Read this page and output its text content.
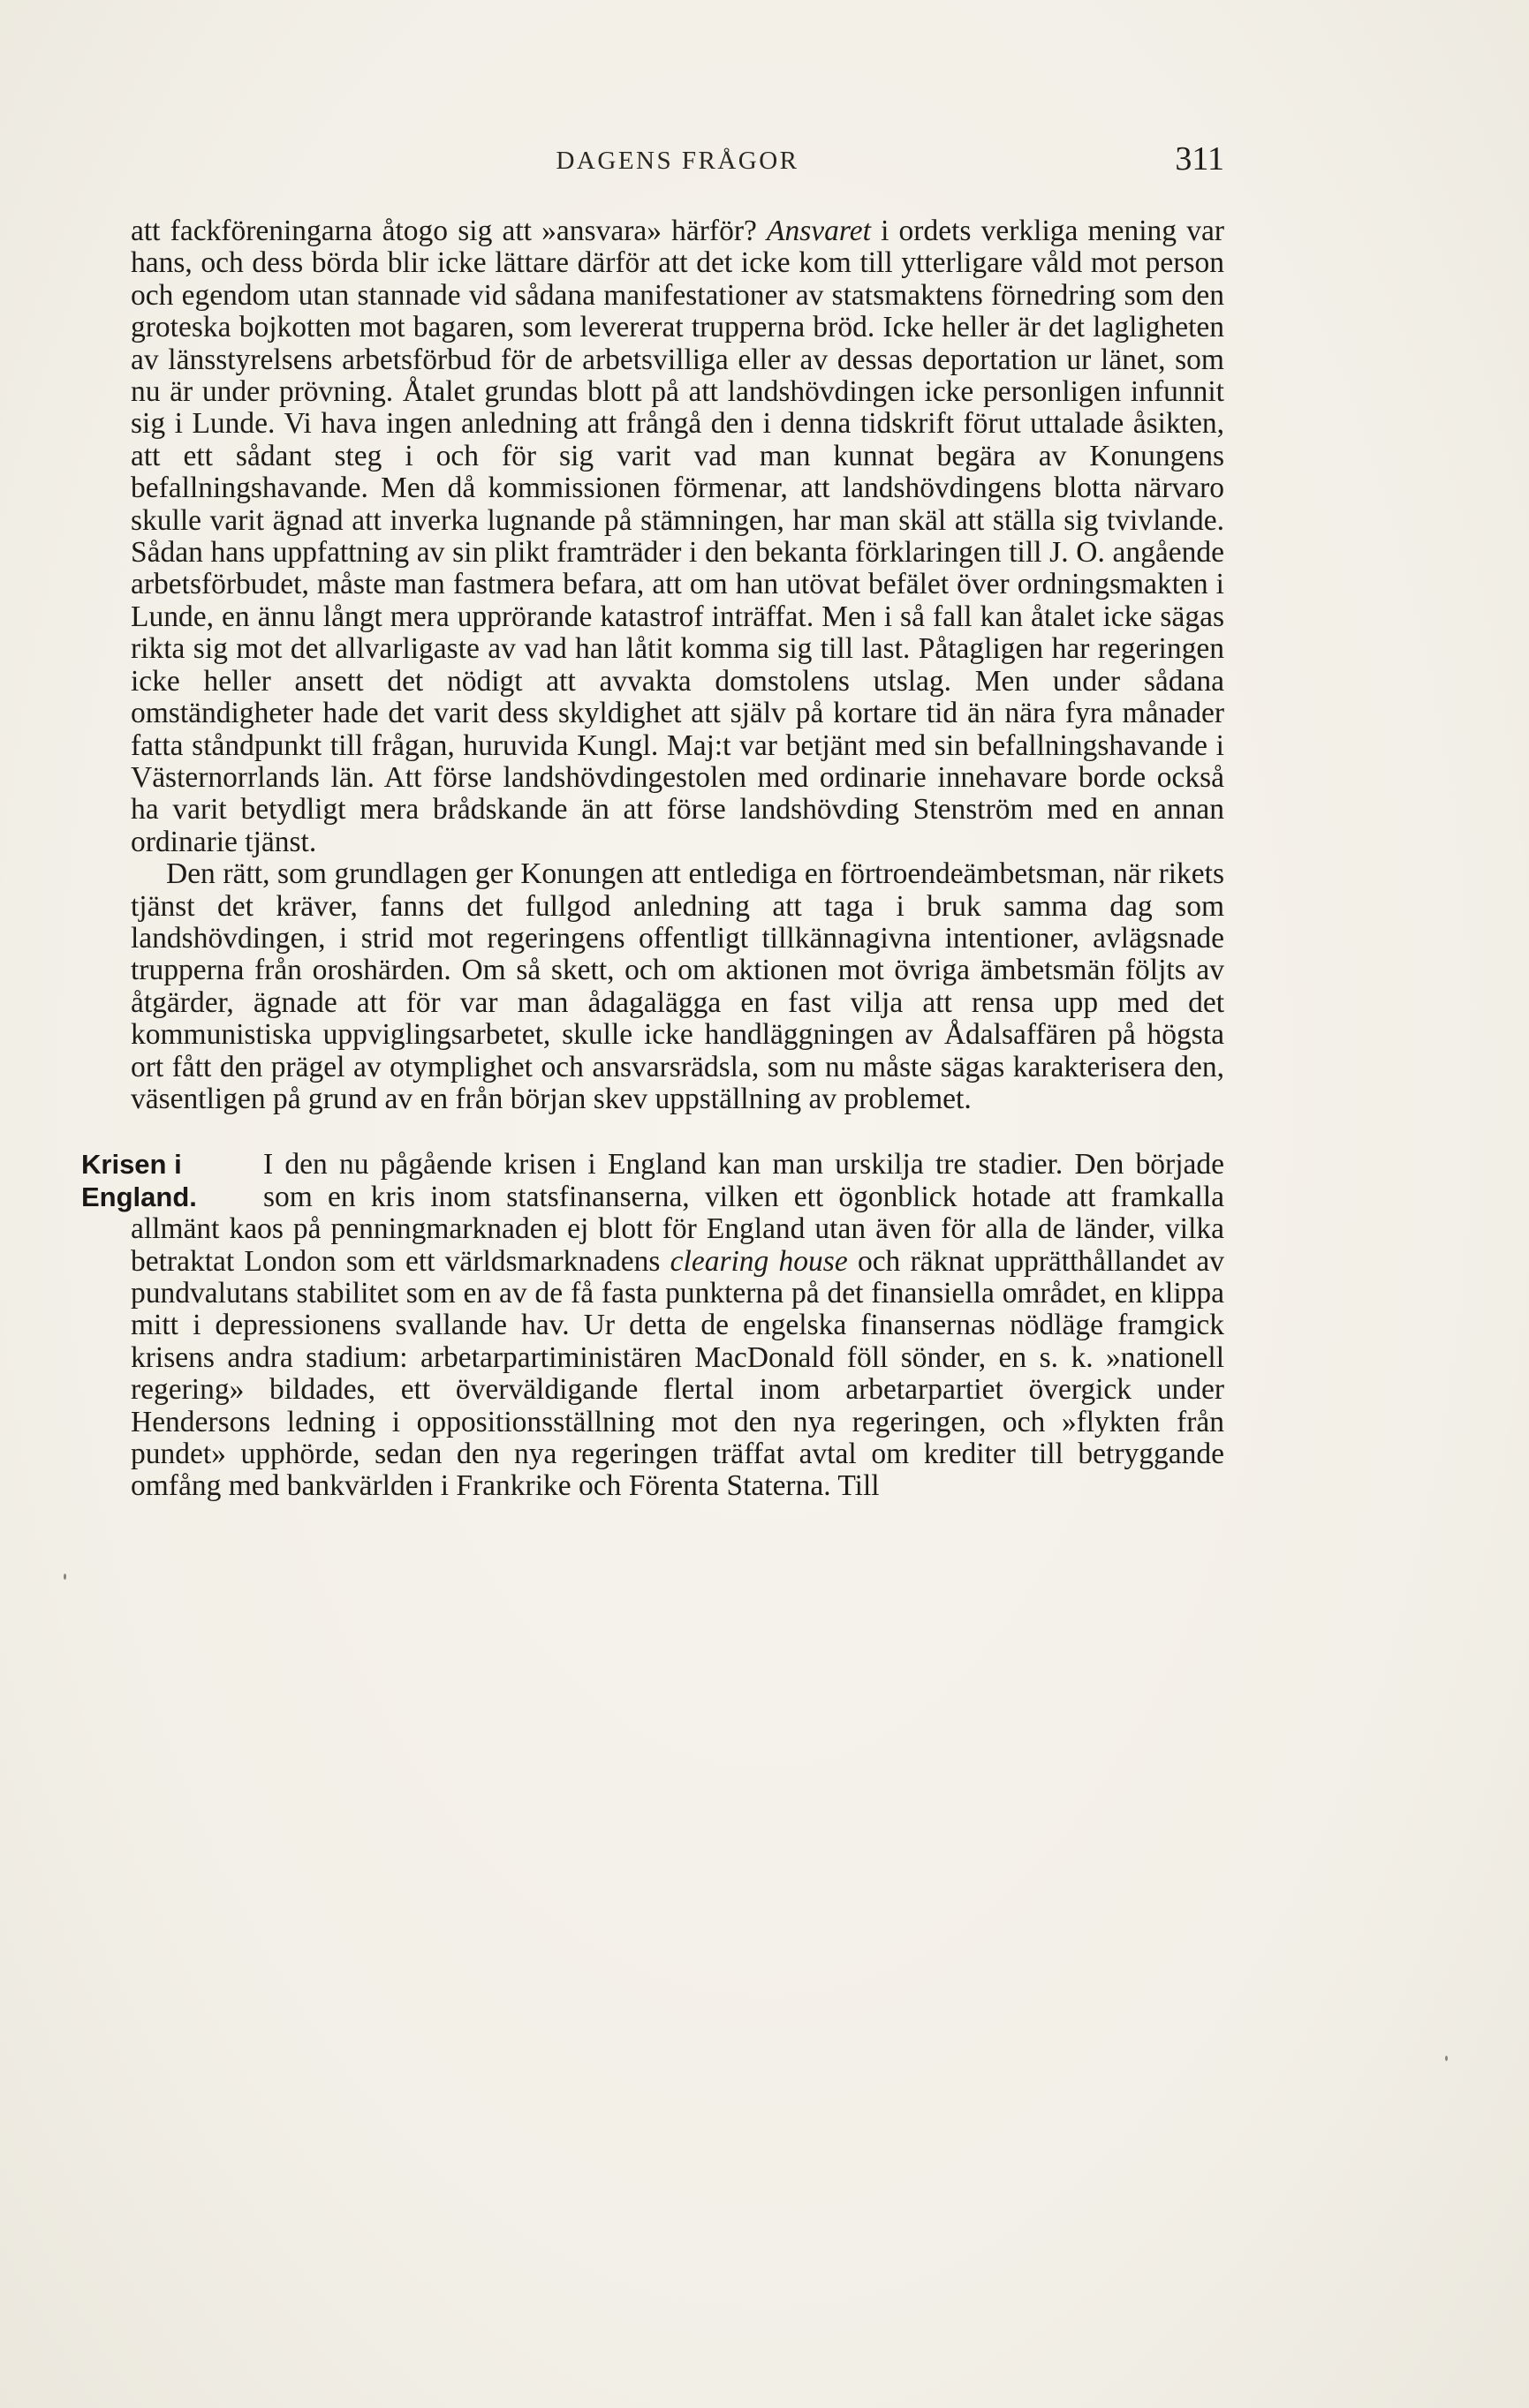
DAGENS FRÅGOR	311

att fackföreningarna åtogo sig att »ansvara» härför? Ansvaret i ordets verkliga mening var hans, och dess börda blir icke lättare därför att det icke kom till ytterligare våld mot person och egendom utan stannade vid sådana manifestationer av statsmaktens förnedring som den groteska bojkotten mot bagaren, som levererat trupperna bröd. Icke heller är det lagligheten av länsstyrelsens arbetsförbud för de arbetsvilliga eller av dessas deportation ur länet, som nu är under prövning. Åtalet grundas blott på att landshövdingen icke personligen infunnit sig i Lunde. Vi hava ingen anledning att frångå den i denna tidskrift förut uttalade åsikten, att ett sådant steg i och för sig varit vad man kunnat begära av Konungens befallningshavande. Men då kommissionen förmenar, att landshövdingens blotta närvaro skulle varit ägnad att inverka lugnande på stämningen, har man skäl att ställa sig tvivlande. Sådan hans uppfattning av sin plikt framträder i den bekanta förklaringen till J. O. angående arbetsförbudet, måste man fastmera befara, att om han utövat befälet över ordningsmakten i Lunde, en ännu långt mera upprörande katastrof inträffat. Men i så fall kan åtalet icke sägas rikta sig mot det allvarligaste av vad han låtit komma sig till last. Påtagligen har regeringen icke heller ansett det nödigt att avvakta domstolens utslag. Men under sådana omständigheter hade det varit dess skyldighet att själv på kortare tid än nära fyra månader fatta ståndpunkt till frågan, huruvida Kungl. Maj:t var betjänt med sin befallningshavande i Västernorrlands län. Att förse landshövdingestolen med ordinarie innehavare borde också ha varit betydligt mera brådskande än att förse landshövding Stenström med en annan ordinarie tjänst.

Den rätt, som grundlagen ger Konungen att entlediga en förtroendeämbetsman, när rikets tjänst det kräver, fanns det fullgod anledning att taga i bruk samma dag som landshövdingen, i strid mot regeringens offentligt tillkännagivna intentioner, avlägsnade trupperna från oroshärden. Om så skett, och om aktionen mot övriga ämbetsmän följts av åtgärder, ägnade att för var man ådagalägga en fast vilja att rensa upp med det kommunistiska uppviglingsarbetet, skulle icke handläggningen av Ådalsaffären på högsta ort fått den prägel av otymplighet och ansvarsrädsla, som nu måste sägas karakterisera den, väsentligen på grund av en från början skev uppställning av problemet.

Krisen i
England.
I den nu pågående krisen i England kan man urskilja tre stadier. Den började som en kris inom statsfinanserna, vilken ett ögonblick hotade att framkalla allmänt kaos på penningmarknaden ej blott för England utan även för alla de länder, vilka betraktat London som ett världsmarknadens clearing house och räknat upprätthållandet av pundvalutans stabilitet som en av de få fasta punkterna på det finansiella området, en klippa mitt i depressionens svallande hav. Ur detta de engelska finansernas nödläge framgick krisens andra stadium: arbetarpartiministären MacDonald föll sönder, en s. k. »nationell regering» bildades, ett överväldigande flertal inom arbetarpartiet övergick under Hendersons ledning i oppositionsställning mot den nya regeringen, och »flykten från pundet» upphörde, sedan den nya regeringen träffat avtal om krediter till betryggande omfång med bankvärlden i Frankrike och Förenta Staterna. Till
